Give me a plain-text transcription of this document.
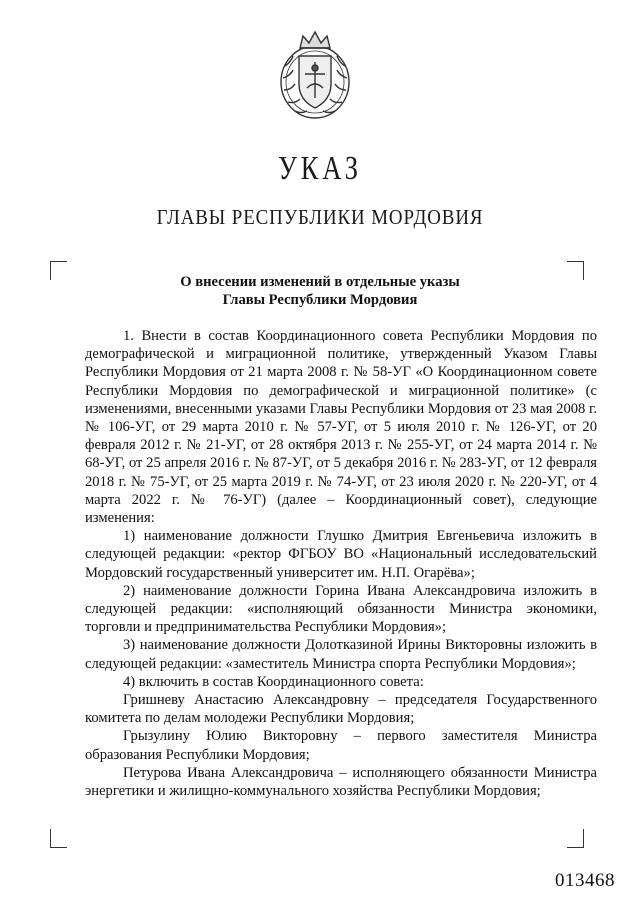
УКАЗ
ГЛАВЫ РЕСПУБЛИКИ МОРДОВИЯ
О внесении изменений в отдельные указы
Главы Республики Мордовия

1. Внести в состав Координационного совета Республики Мордовия по демографической и миграционной политике, утвержденный Указом Главы Республики Мордовия от 21 марта 2008 г. № 58-УГ «О Координационном совете Республики Мордовия по демографической и миграционной политике» (с изменениями, внесенными указами Главы Республики Мордовия от 23 мая 2008 г. № 106-УГ, от 29 марта 2010 г. № 57-УГ, от 5 июля 2010 г. № 126-УГ, от 20 февраля 2012 г. № 21-УГ, от 28 октября 2013 г. № 255-УГ, от 24 марта 2014 г. № 68-УГ, от 25 апреля 2016 г. № 87-УГ, от 5 декабря 2016 г. № 283-УГ, от 12 февраля 2018 г. № 75-УГ, от 25 марта 2019 г. № 74-УГ, от 23 июля 2020 г. № 220-УГ, от 4 марта 2022 г. № 76-УГ) (далее – Координационный совет), следующие изменения:

1) наименование должности Глушко Дмитрия Евгеньевича изложить в следующей редакции: «ректор ФГБОУ ВО «Национальный исследовательский Мордовский государственный университет им. Н.П. Огарёва»;

2) наименование должности Горина Ивана Александровича изложить в следующей редакции: «исполняющий обязанности Министра экономики, торговли и предпринимательства Республики Мордовия»;

3) наименование должности Долотказиной Ирины Викторовны изложить в следующей редакции: «заместитель Министра спорта Республики Мордовия»;

4) включить в состав Координационного совета:

Гришневу Анастасию Александровну – председателя Государственного комитета по делам молодежи Республики Мордовия;

Грызулину Юлию Викторовну – первого заместителя Министра образования Республики Мордовия;

Петурова Ивана Александровича – исполняющего обязанности Министра энергетики и жилищно-коммунального хозяйства Республики Мордовия;

013468
